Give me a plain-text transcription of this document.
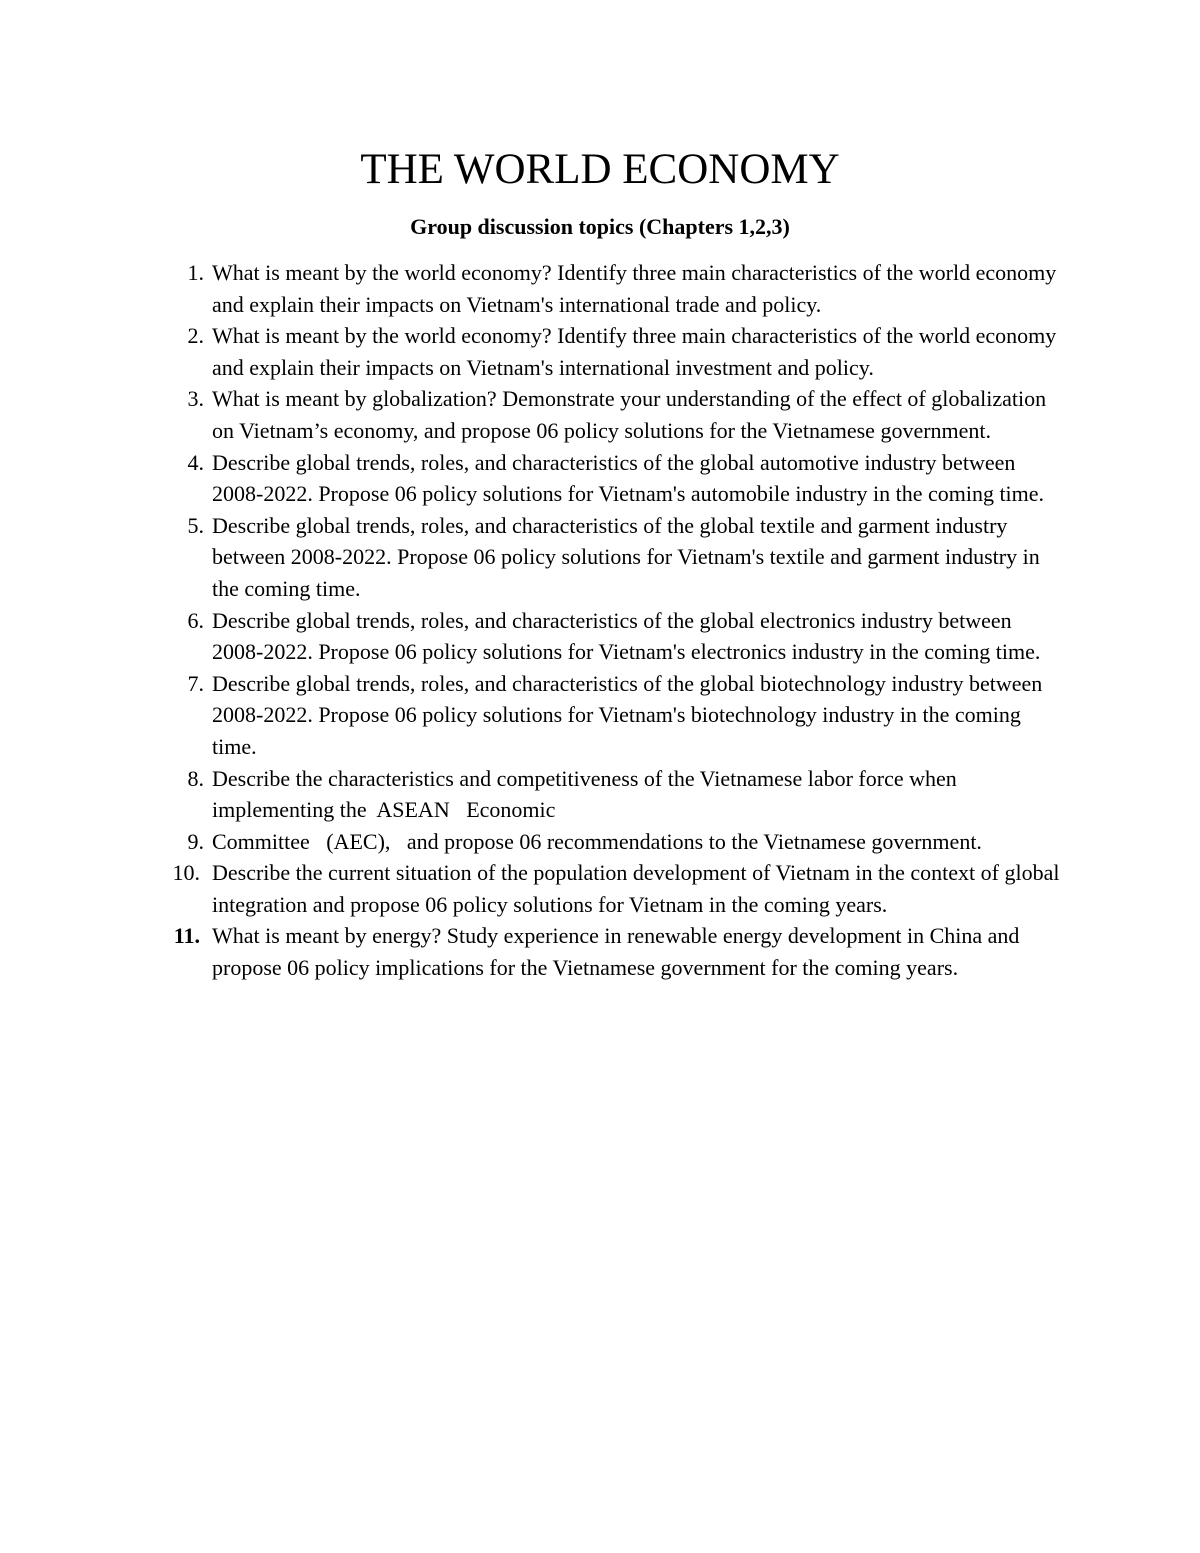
THE WORLD ECONOMY
Group discussion topics (Chapters 1,2,3)
1. What is meant by the world economy? Identify three main characteristics of the world economy and explain their impacts on Vietnam's international trade and policy.
2. What is meant by the world economy? Identify three main characteristics of the world economy and explain their impacts on Vietnam's international investment and policy.
3. What is meant by globalization? Demonstrate your understanding of the effect of globalization on Vietnam’s economy, and propose 06 policy solutions for the Vietnamese government.
4. Describe global trends, roles, and characteristics of the global automotive industry between 2008-2022. Propose 06 policy solutions for Vietnam's automobile industry in the coming time.
5. Describe global trends, roles, and characteristics of the global textile and garment industry between 2008-2022. Propose 06 policy solutions for Vietnam's textile and garment industry in the coming time.
6. Describe global trends, roles, and characteristics of the global electronics industry between 2008-2022. Propose 06 policy solutions for Vietnam's electronics industry in the coming time.
7. Describe global trends, roles, and characteristics of the global biotechnology industry between 2008-2022. Propose 06 policy solutions for Vietnam's biotechnology industry in the coming time.
8. Describe the characteristics and competitiveness of the Vietnamese labor force when implementing the  ASEAN   Economic
9. Committee   (AEC),   and propose 06 recommendations to the Vietnamese government.
10. Describe the current situation of the population development of Vietnam in the context of global integration and propose 06 policy solutions for Vietnam in the coming years.
11. What is meant by energy? Study experience in renewable energy development in China and propose 06 policy implications for the Vietnamese government for the coming years.
